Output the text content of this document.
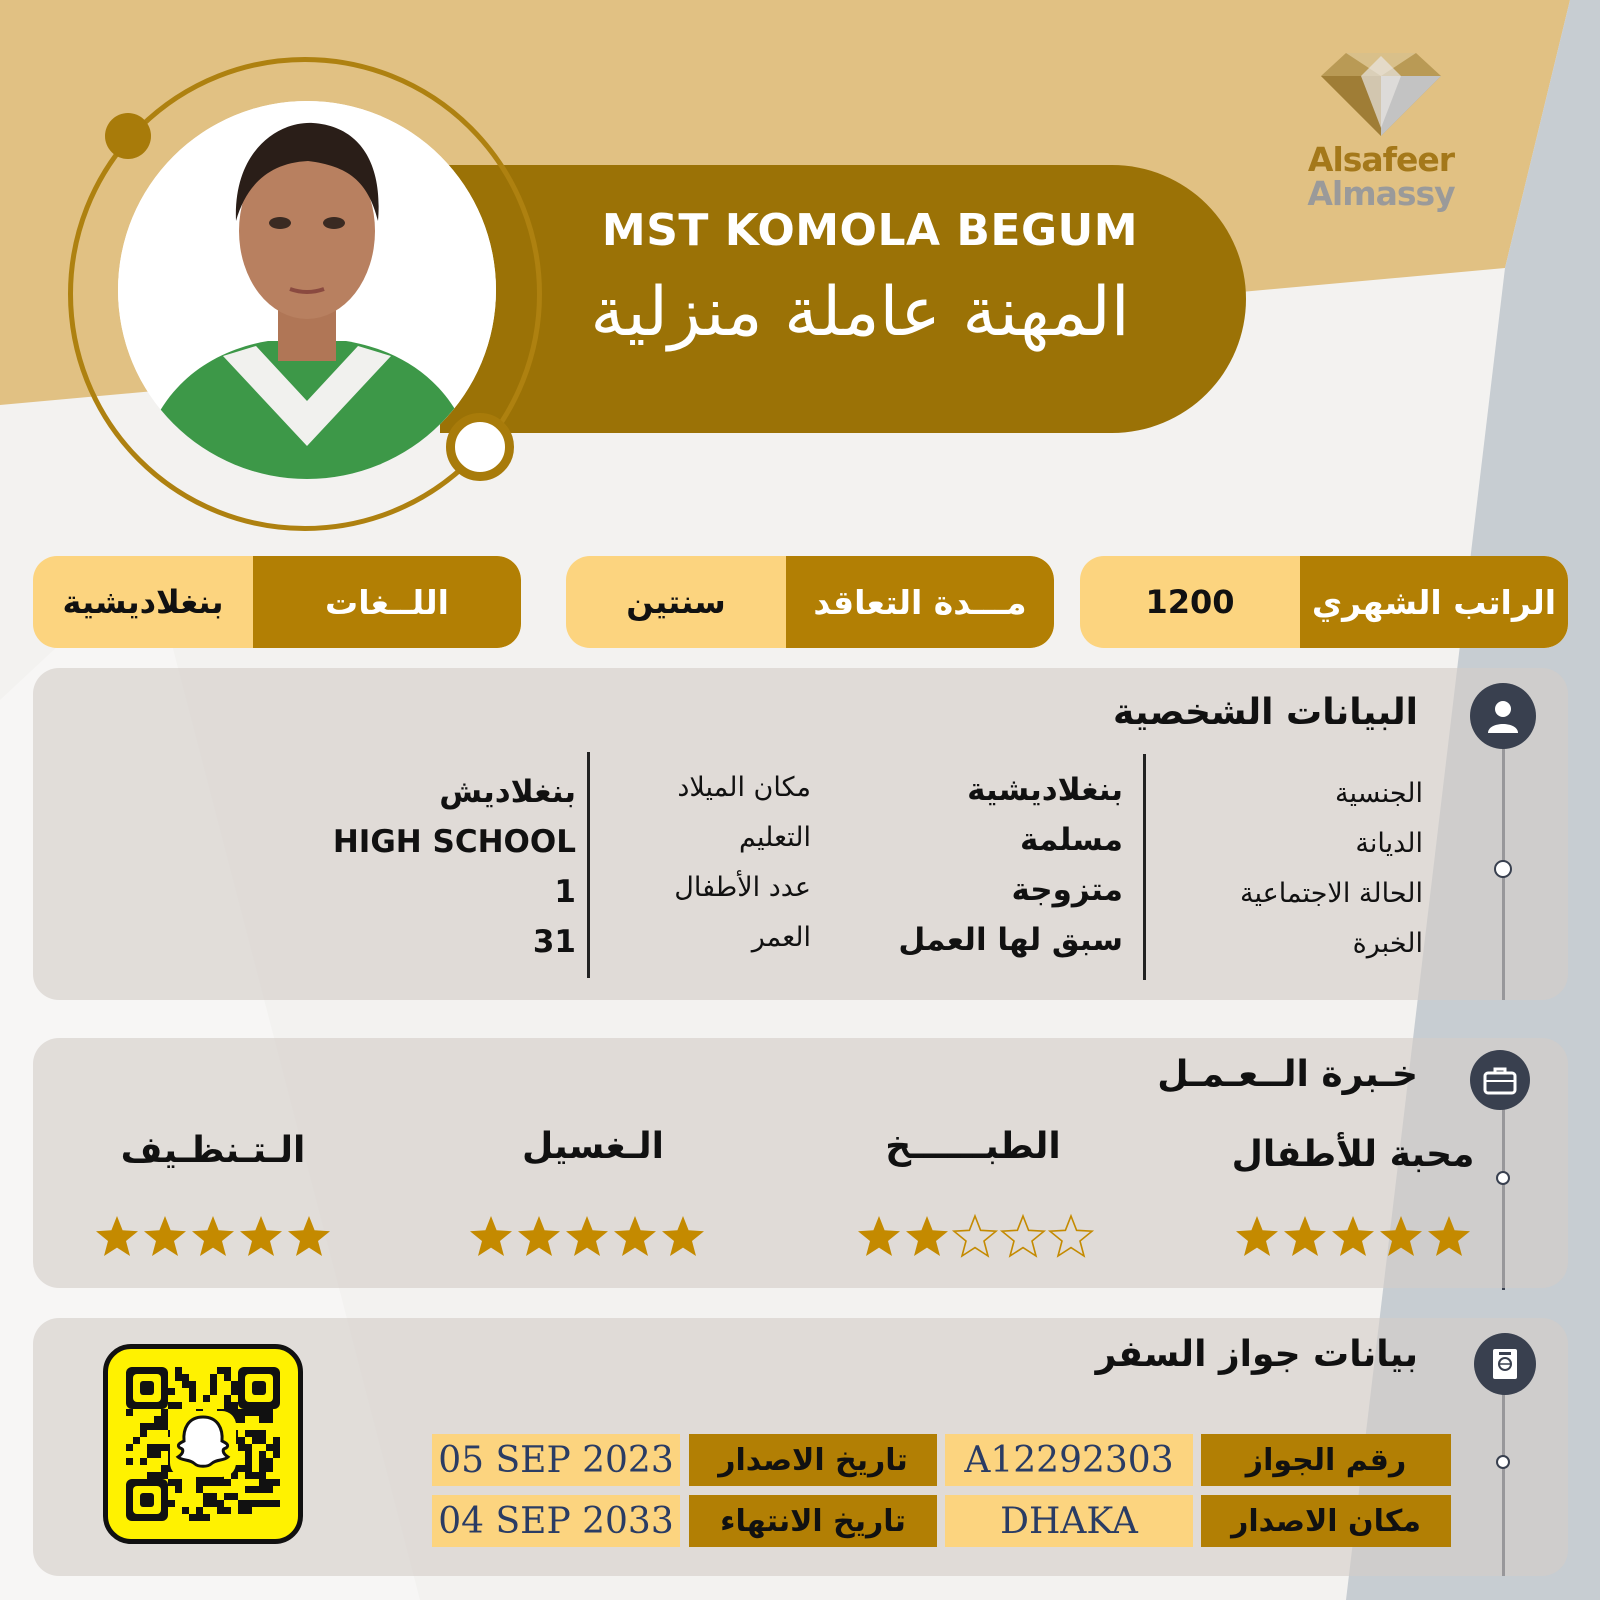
Alsafeer
Almassy
MST KOMOLA BEGUM
المهنة عاملة منزلية
الراتب الشهري
1200
مـــدة التعاقد
سنتين
اللــغات
بنغلاديشية
البيانات الشخصية
الجنسية
بنغلاديشية
الديانة
مسلمة
الحالة الاجتماعية
متزوجة
الخبرة
سبق لها العمل
مكان الميلاد
بنغلاديش
التعليم
HIGH SCHOOL
عدد الأطفال
1
العمر
31
خـبرة الــعـمـل
محبة للأطفال
الطبــــــخ
الـغسيل
الـتـنظـيف
بيانات جواز السفر
رقم الجواز
A12292303
تاريخ الاصدار
05 SEP 2023
مكان الاصدار
DHAKA
تاريخ الانتهاء
04 SEP 2033
